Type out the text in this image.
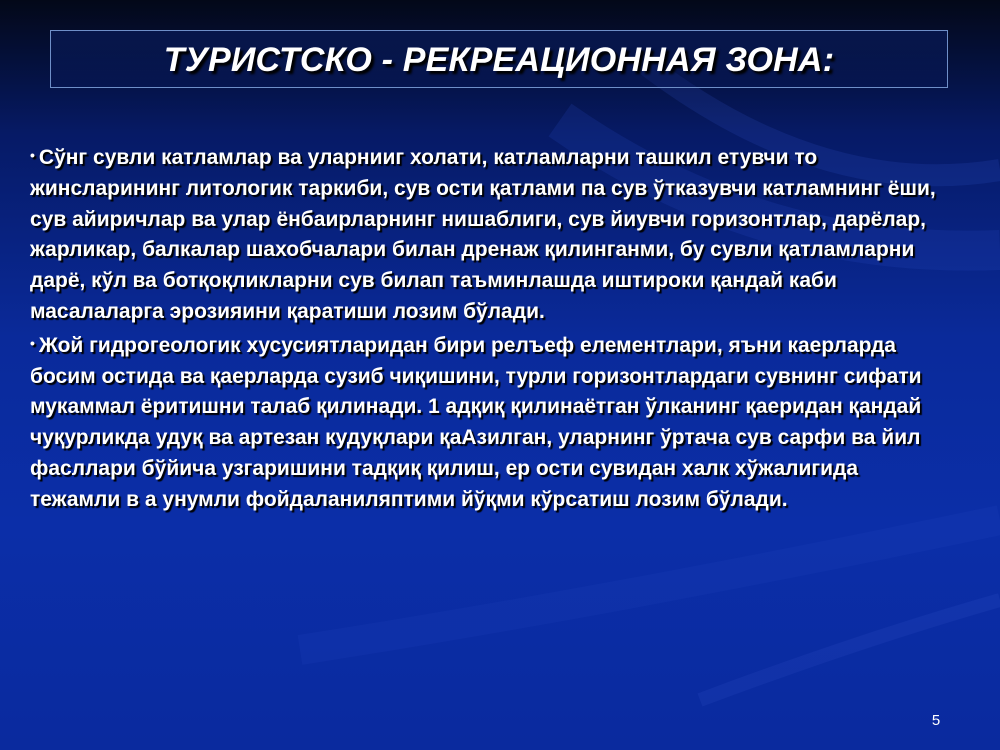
ТУРИСТСКО - РЕКРЕАЦИОННАЯ ЗОНА:

• Сўнг сувли катламлар ва уларнииг холати, катламларни ташкил етувчи то жинсларининг литологик таркиби, сув ости қатлами па сув ўтказувчи катламнинг ёши, сув айиричлар ва улар ёнбаирларнинг нишаблиги, сув йиувчи горизонтлар, дарёлар, жарликар, балкалар шахобчалари билан дренаж қилинганми, бу сувли қатламларни дарё, кўл ва ботқоқликларни сув билап таъминлашда иштироки қандай каби масалаларга эрозияини қаратиши лозим бўлади.

• Жой гидрогеологик хусусиятларидан бири релъеф елементлари, яъни каерларда босим остида ва қаерларда сузиб чиқишини, турли горизонтлардаги сувнинг сифати мукаммал ёритишни талаб қилинади. 1 адқиқ қилинаётган ўлканинг қаеридан қандай чуқурликда удуқ ва артезан кудуқлари қаАзилган, уларнинг ўртача сув сарфи ва йил фасллари бўйича узгаришини тадқиқ қилиш, ер ости сувидан халк хўжалигида тежамли в а унумли фойдаланиляптими йўқми кўрсатиш лозим бўлади.

5
